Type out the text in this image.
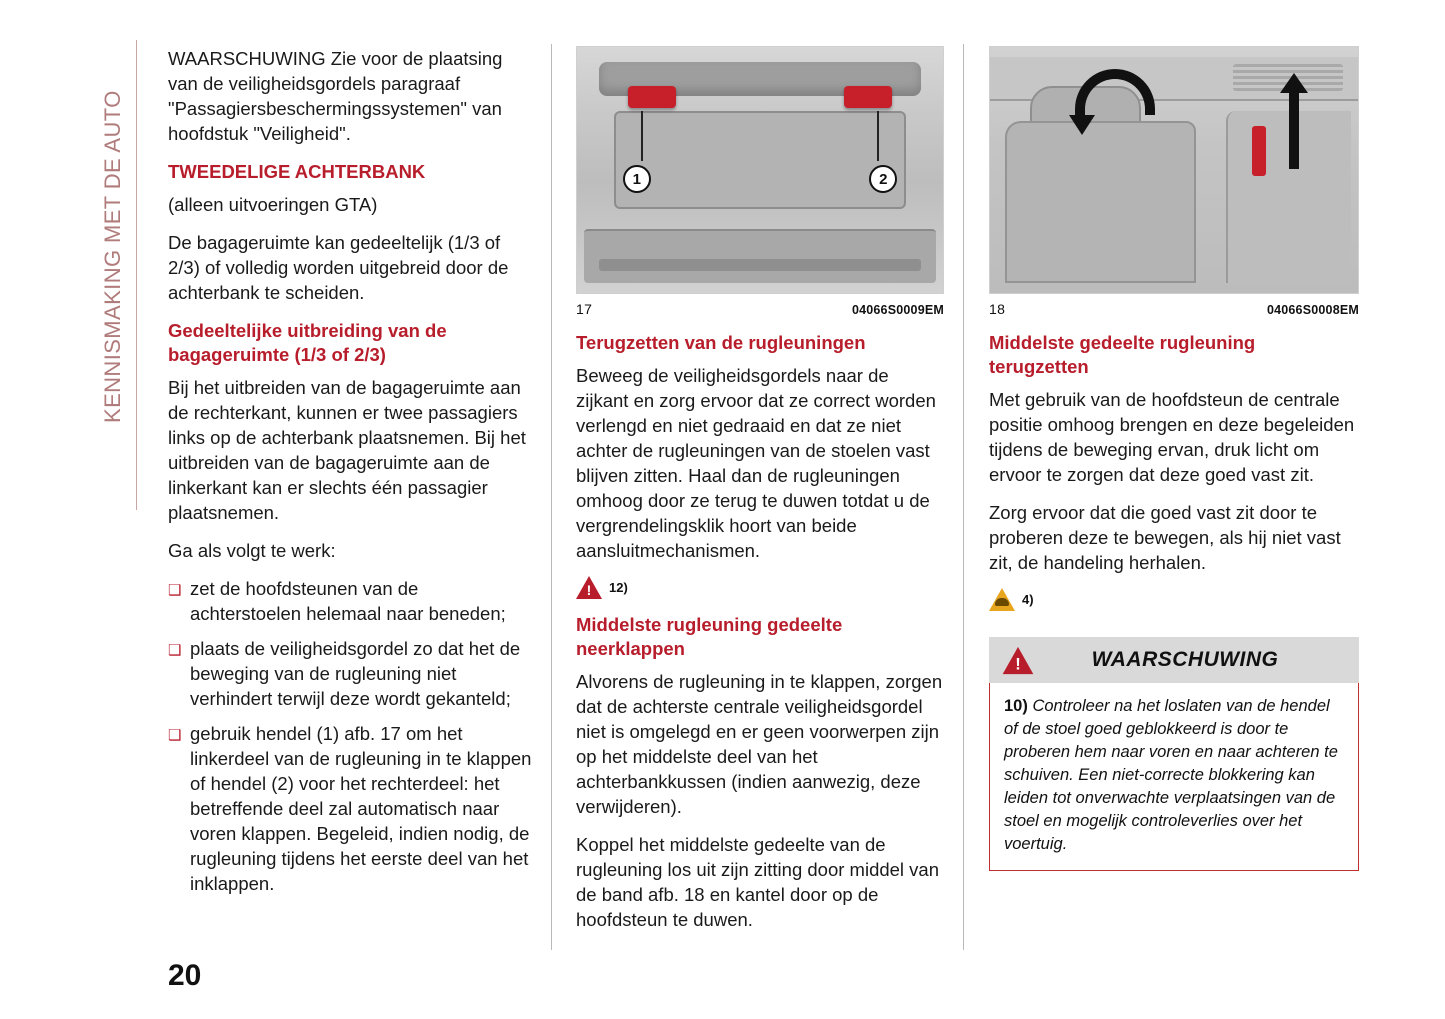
KENNISMAKING MET DE AUTO

WAARSCHUWING Zie voor de plaatsing van de veiligheidsgordels paragraaf "Passagiersbeschermingssystemen" van hoofdstuk "Veiligheid".

TWEEDELIGE ACHTERBANK

(alleen uitvoeringen GTA)

De bagageruimte kan gedeeltelijk (1/3 of 2/3) of volledig worden uitgebreid door de achterbank te scheiden.

Gedeeltelijke uitbreiding van de bagageruimte (1/3 of 2/3)

Bij het uitbreiden van de bagageruimte aan de rechterkant, kunnen er twee passagiers links op de achterbank plaatsnemen. Bij het uitbreiden van de bagageruimte aan de linkerkant kan er slechts één passagier plaatsnemen.

Ga als volgt te werk:

❑ zet de hoofdsteunen van de achterstoelen helemaal naar beneden;
❑ plaats de veiligheidsgordel zo dat het de beweging van de rugleuning niet verhindert terwijl deze wordt gekanteld;
❑ gebruik hendel (1) afb. 17 om het linkerdeel van de rugleuning in te klappen of hendel (2) voor het rechterdeel: het betreffende deel zal automatisch naar voren klappen. Begeleid, indien nodig, de rugleuning tijdens het eerste deel van het inklappen.
1	2
17	04066S0009EM
Terugzetten van de rugleuningen

Beweeg de veiligheidsgordels naar de zijkant en zorg ervoor dat ze correct worden verlengd en niet gedraaid en dat ze niet achter de rugleuningen van de stoelen vast blijven zitten. Haal dan de rugleuningen omhoog door ze terug te duwen totdat u de vergrendelingsklik hoort van beide aansluitmechanismen.

!
12)
Middelste rugleuning gedeelte neerklappen

Alvorens de rugleuning in te klappen, zorgen dat de achterste centrale veiligheidsgordel niet is omgelegd en er geen voorwerpen zijn op het middelste deel van het achterbankkussen (indien aanwezig, deze verwijderen).

Koppel het middelste gedeelte van de rugleuning los uit zijn zitting door middel van de band afb. 18 en kantel door op de hoofdsteun te duwen.

18	04066S0008EM
Middelste gedeelte rugleuning terugzetten

Met gebruik van de hoofdsteun de centrale positie omhoog brengen en deze begeleiden tijdens de beweging ervan, druk licht om ervoor te zorgen dat deze goed vast zit.

Zorg ervoor dat die goed vast zit door te proberen deze te bewegen, als hij niet vast zit, de handeling herhalen.

4)
!
WAARSCHUWING
10) Controleer na het loslaten van de hendel of de stoel goed geblokkeerd is door te proberen hem naar voren en naar achteren te schuiven. Een niet-correcte blokkering kan leiden tot onverwachte verplaatsingen van de stoel en mogelijk controleverlies over het voertuig.
20
